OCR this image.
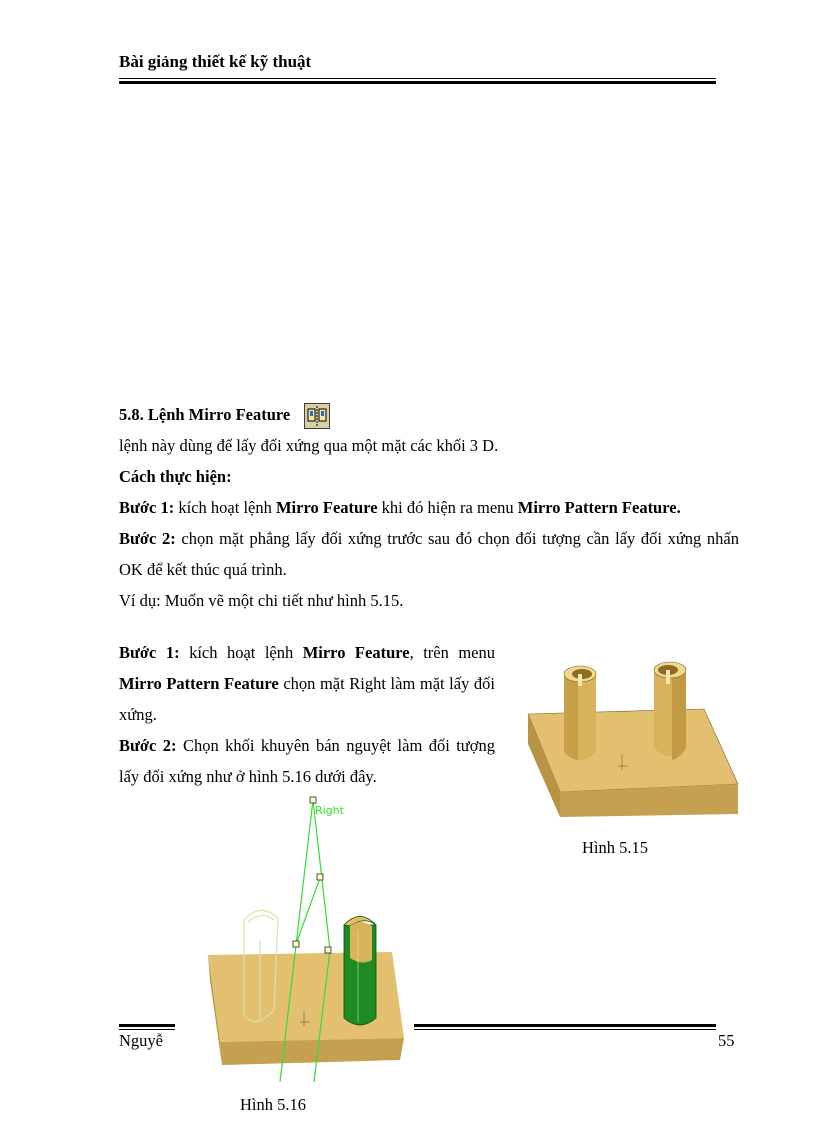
Bài giảng thiết kế kỹ thuật

5.8. Lệnh Mirro Feature

lệnh này dùng để lấy đối xứng qua một mặt các khối 3 D.

Cách thực hiện:

Bước 1: kích hoạt lệnh Mirro Feature khi đó hiện ra menu Mirro Pattern Feature.

Bước 2: chọn mặt phẳng lấy đối xứng trước sau đó chọn đối tượng cần lấy đối xứng nhấn OK để kết thúc quá trình.

Ví dụ: Muốn vẽ một chi tiết như hình 5.15.

Bước 1: kích hoạt lệnh Mirro Feature, trên menu Mirro Pattern Feature chọn mặt Right làm mặt lấy đối xứng.

Bước 2: Chọn khối khuyên bán nguyệt làm đối tượng lấy đối xứng như ở hình 5.16 dưới đây.

Hình 5.15
Nguyễ	55
Right
Hình 5.16
